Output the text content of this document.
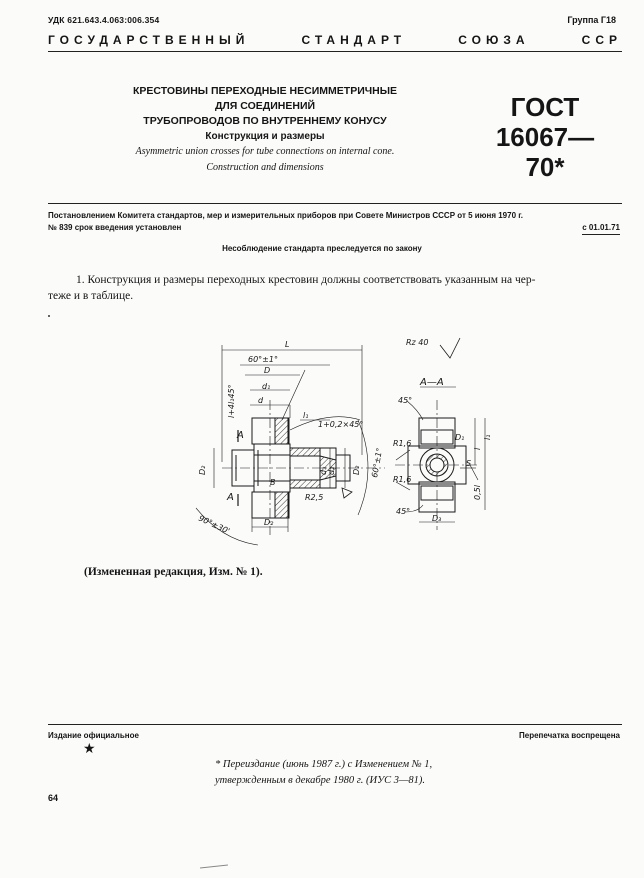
УДК 621.643.4.063:006.354	Группа Г18
ГОСУДАРСТВЕННЫЙ	СТАНДАРТ	СОЮЗА	ССР
КРЕСТОВИНЫ ПЕРЕХОДНЫЕ НЕСИММЕТРИЧНЫЕ
ДЛЯ СОЕДИНЕНИЙ
ТРУБОПРОВОДОВ ПО ВНУТРЕННЕМУ КОНУСУ
Конструкция и размеры
Asymmetric union crosses for tube connections on internal cone.
Construction and dimensions
ГОСТ
16067—70*
Постановлением Комитета стандартов, мер и измерительных приборов при Совете Министров СССР от 5 июня 1970 г.
№ 839 срок введения установлен	с 01.01.71
Несоблюдение стандарта преследуется по закону
1. Конструкция и размеры переходных крестовин должны соответствовать указанным на чер-
теже и в таблице.
L
60°±1°
D
d₁
d
l+4l₁45°	l₁
1+0,2×45°
А
А
D₂	d₂
d₃	D₂ 60°±1°
B
R2,5
D₂
90°±30'
Rz 40
А—А
l
l₁
D₁
S
R1,6
R1,6
0,5l
D₃
45°
45°
(Измененная редакция, Изм. № 1).
Издание официальное	Перепечатка воспрещена
★
* Переиздание (июнь 1987 г.) с Изменением № 1,
утвержденным в декабре 1980 г. (ИУС 3—81).
64
